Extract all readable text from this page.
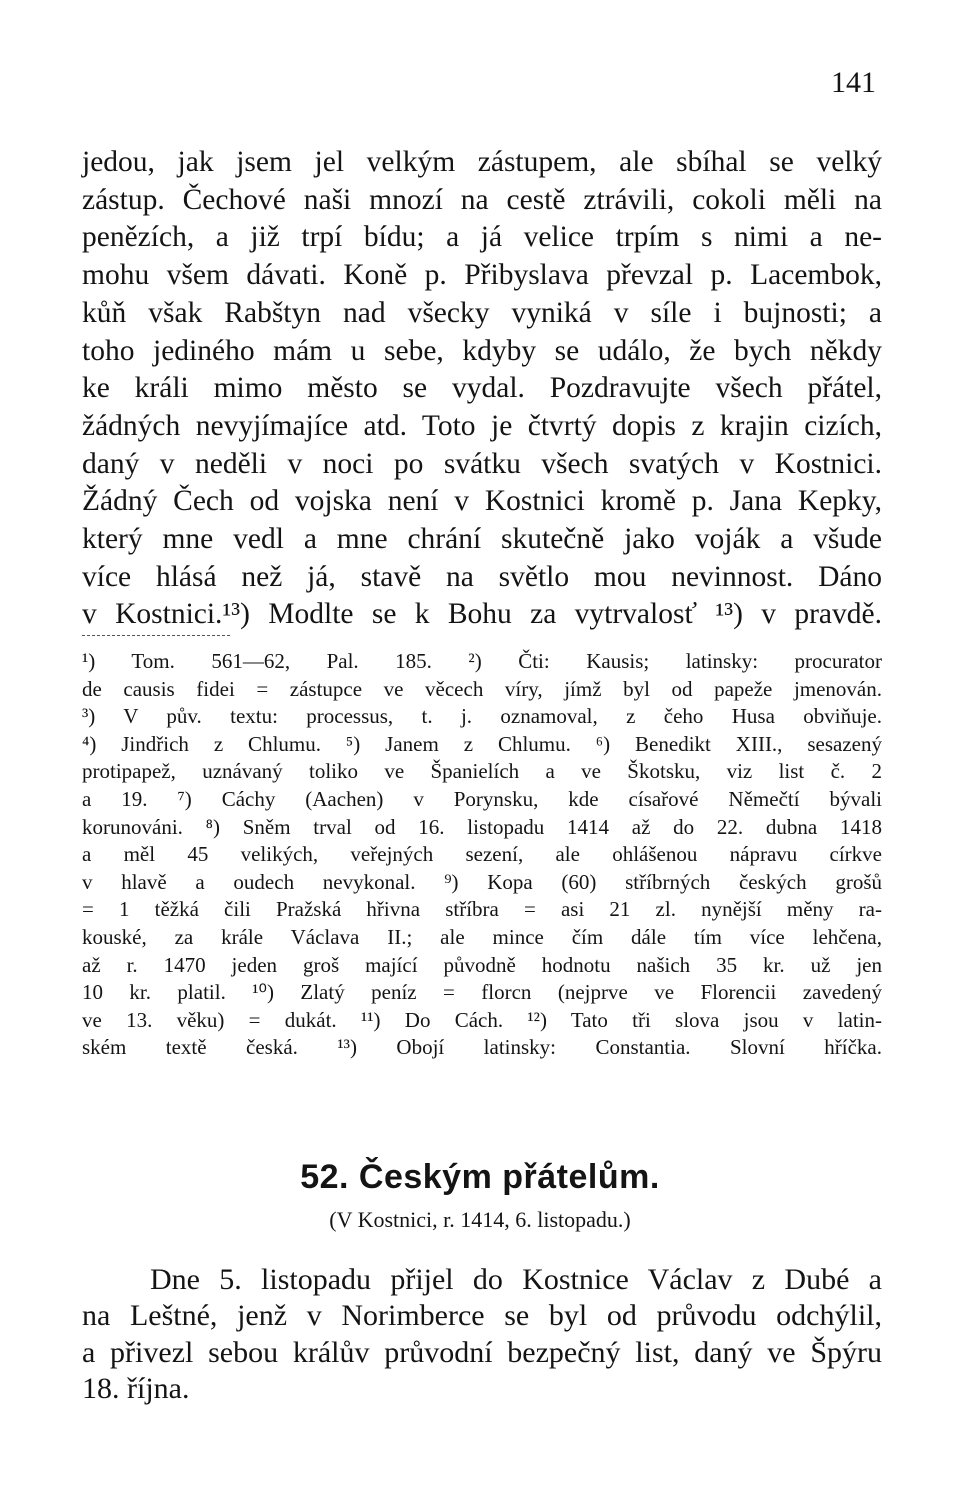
141
jedou, jak jsem jel velkým zástupem, ale sbíhal se velký
zástup. Čechové naši mnozí na cestě ztrávili, cokoli měli na
penězích, a již trpí bídu; a já velice trpím s nimi a ne-
mohu všem dávati. Koně p. Přibyslava převzal p. Lacembok,
kůň však Rabštyn nad všecky vyniká v síle i bujnosti; a
toho jediného mám u sebe, kdyby se událo, že bych někdy
ke králi mimo město se vydal. Pozdravujte všech přátel,
žádných nevyjímajíce atd. Toto je čtvrtý dopis z krajin cizích,
daný v neděli v noci po svátku všech svatých v Kostnici.
Žádný Čech od vojska není v Kostnici kromě p. Jana Kepky,
který mne vedl a mne chrání skutečně jako voják a všude
více hlásá než já, stavě na světlo mou nevinnost. Dáno
v Kostnici.¹³) Modlte se k Bohu za vytrvalosť ¹³) v pravdě.
¹) Tom. 561—62, Pal. 185. ²) Čti: Kausis; latinsky: procurator
de causis fidei = zástupce ve věcech víry, jímž byl od papeže jmenován.
³) V pův. textu: processus, t. j. oznamoval, z čeho Husa obviňuje.
⁴) Jindřich z Chlumu. ⁵) Janem z Chlumu. ⁶) Benedikt XIII., sesazený
protipapež, uznávaný toliko ve Španielích a ve Škotsku, viz list č. 2
a 19. ⁷) Cáchy (Aachen) v Porynsku, kde císařové Němečtí bývali
korunováni. ⁸) Sněm trval od 16. listopadu 1414 až do 22. dubna 1418
a měl 45 velikých, veřejných sezení, ale ohlášenou nápravu církve
v hlavě a oudech nevykonal. ⁹) Kopa (60) stříbrných českých grošů
= 1 těžká čili Pražská hřivna stříbra = asi 21 zl. nynější měny ra-
kouské, za krále Václava II.; ale mince čím dále tím více lehčena,
až r. 1470 jeden groš mající původně hodnotu našich 35 kr. už jen
10 kr. platil. ¹⁰) Zlatý peníz = florcn (nejprve ve Florencii zavedený
ve 13. věku) = dukát. ¹¹) Do Cách. ¹²) Tato tři slova jsou v latin-
ském textě česká. ¹³) Obojí latinsky: Constantia. Slovní hříčka.
52. Českým přátelům.
(V Kostnici, r. 1414, 6. listopadu.)
Dne 5. listopadu přijel do Kostnice Václav z Dubé a
na Leštné, jenž v Norimberce se byl od průvodu odchýlil,
a přivezl sebou králův průvodní bezpečný list, daný ve Špýru
18. října.
